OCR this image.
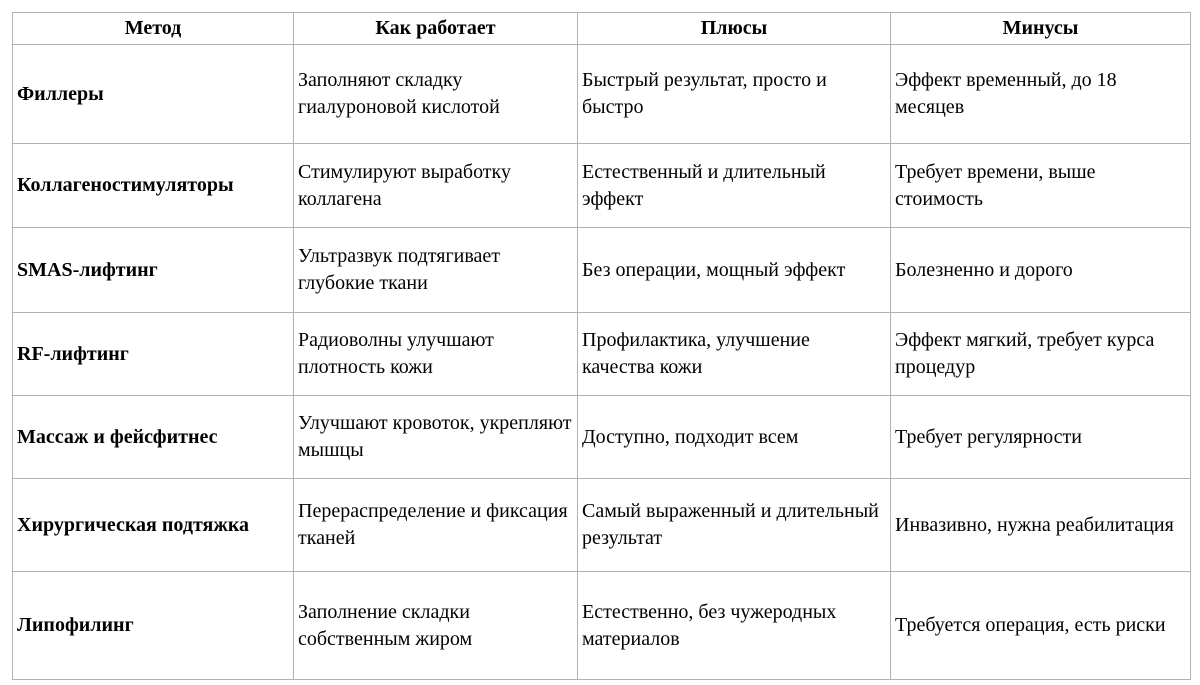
Метод	Как работает	Плюсы	Минусы
Филлеры	Заполняют складку гиалуроновой кислотой	Быстрый результат, просто и быстро	Эффект временный, до 18 месяцев
Коллагеностимуляторы	Стимулируют выработку коллагена	Естественный и длительный эффект	Требует времени, выше стоимость
SMAS-лифтинг	Ультразвук подтягивает глубокие ткани	Без операции, мощный эффект	Болезненно и дорого
RF-лифтинг	Радиоволны улучшают плотность кожи	Профилактика, улучшение качества кожи	Эффект мягкий, требует курса процедур
Массаж и фейсфитнес	Улучшают кровоток, укрепляют мышцы	Доступно, подходит всем	Требует регулярности
Хирургическая подтяжка	Перераспределение и фиксация тканей	Самый выраженный и длительный результат	Инвазивно, нужна реабилитация
Липофилинг	Заполнение складки собственным жиром	Естественно, без чужеродных материалов	Требуется операция, есть риски
